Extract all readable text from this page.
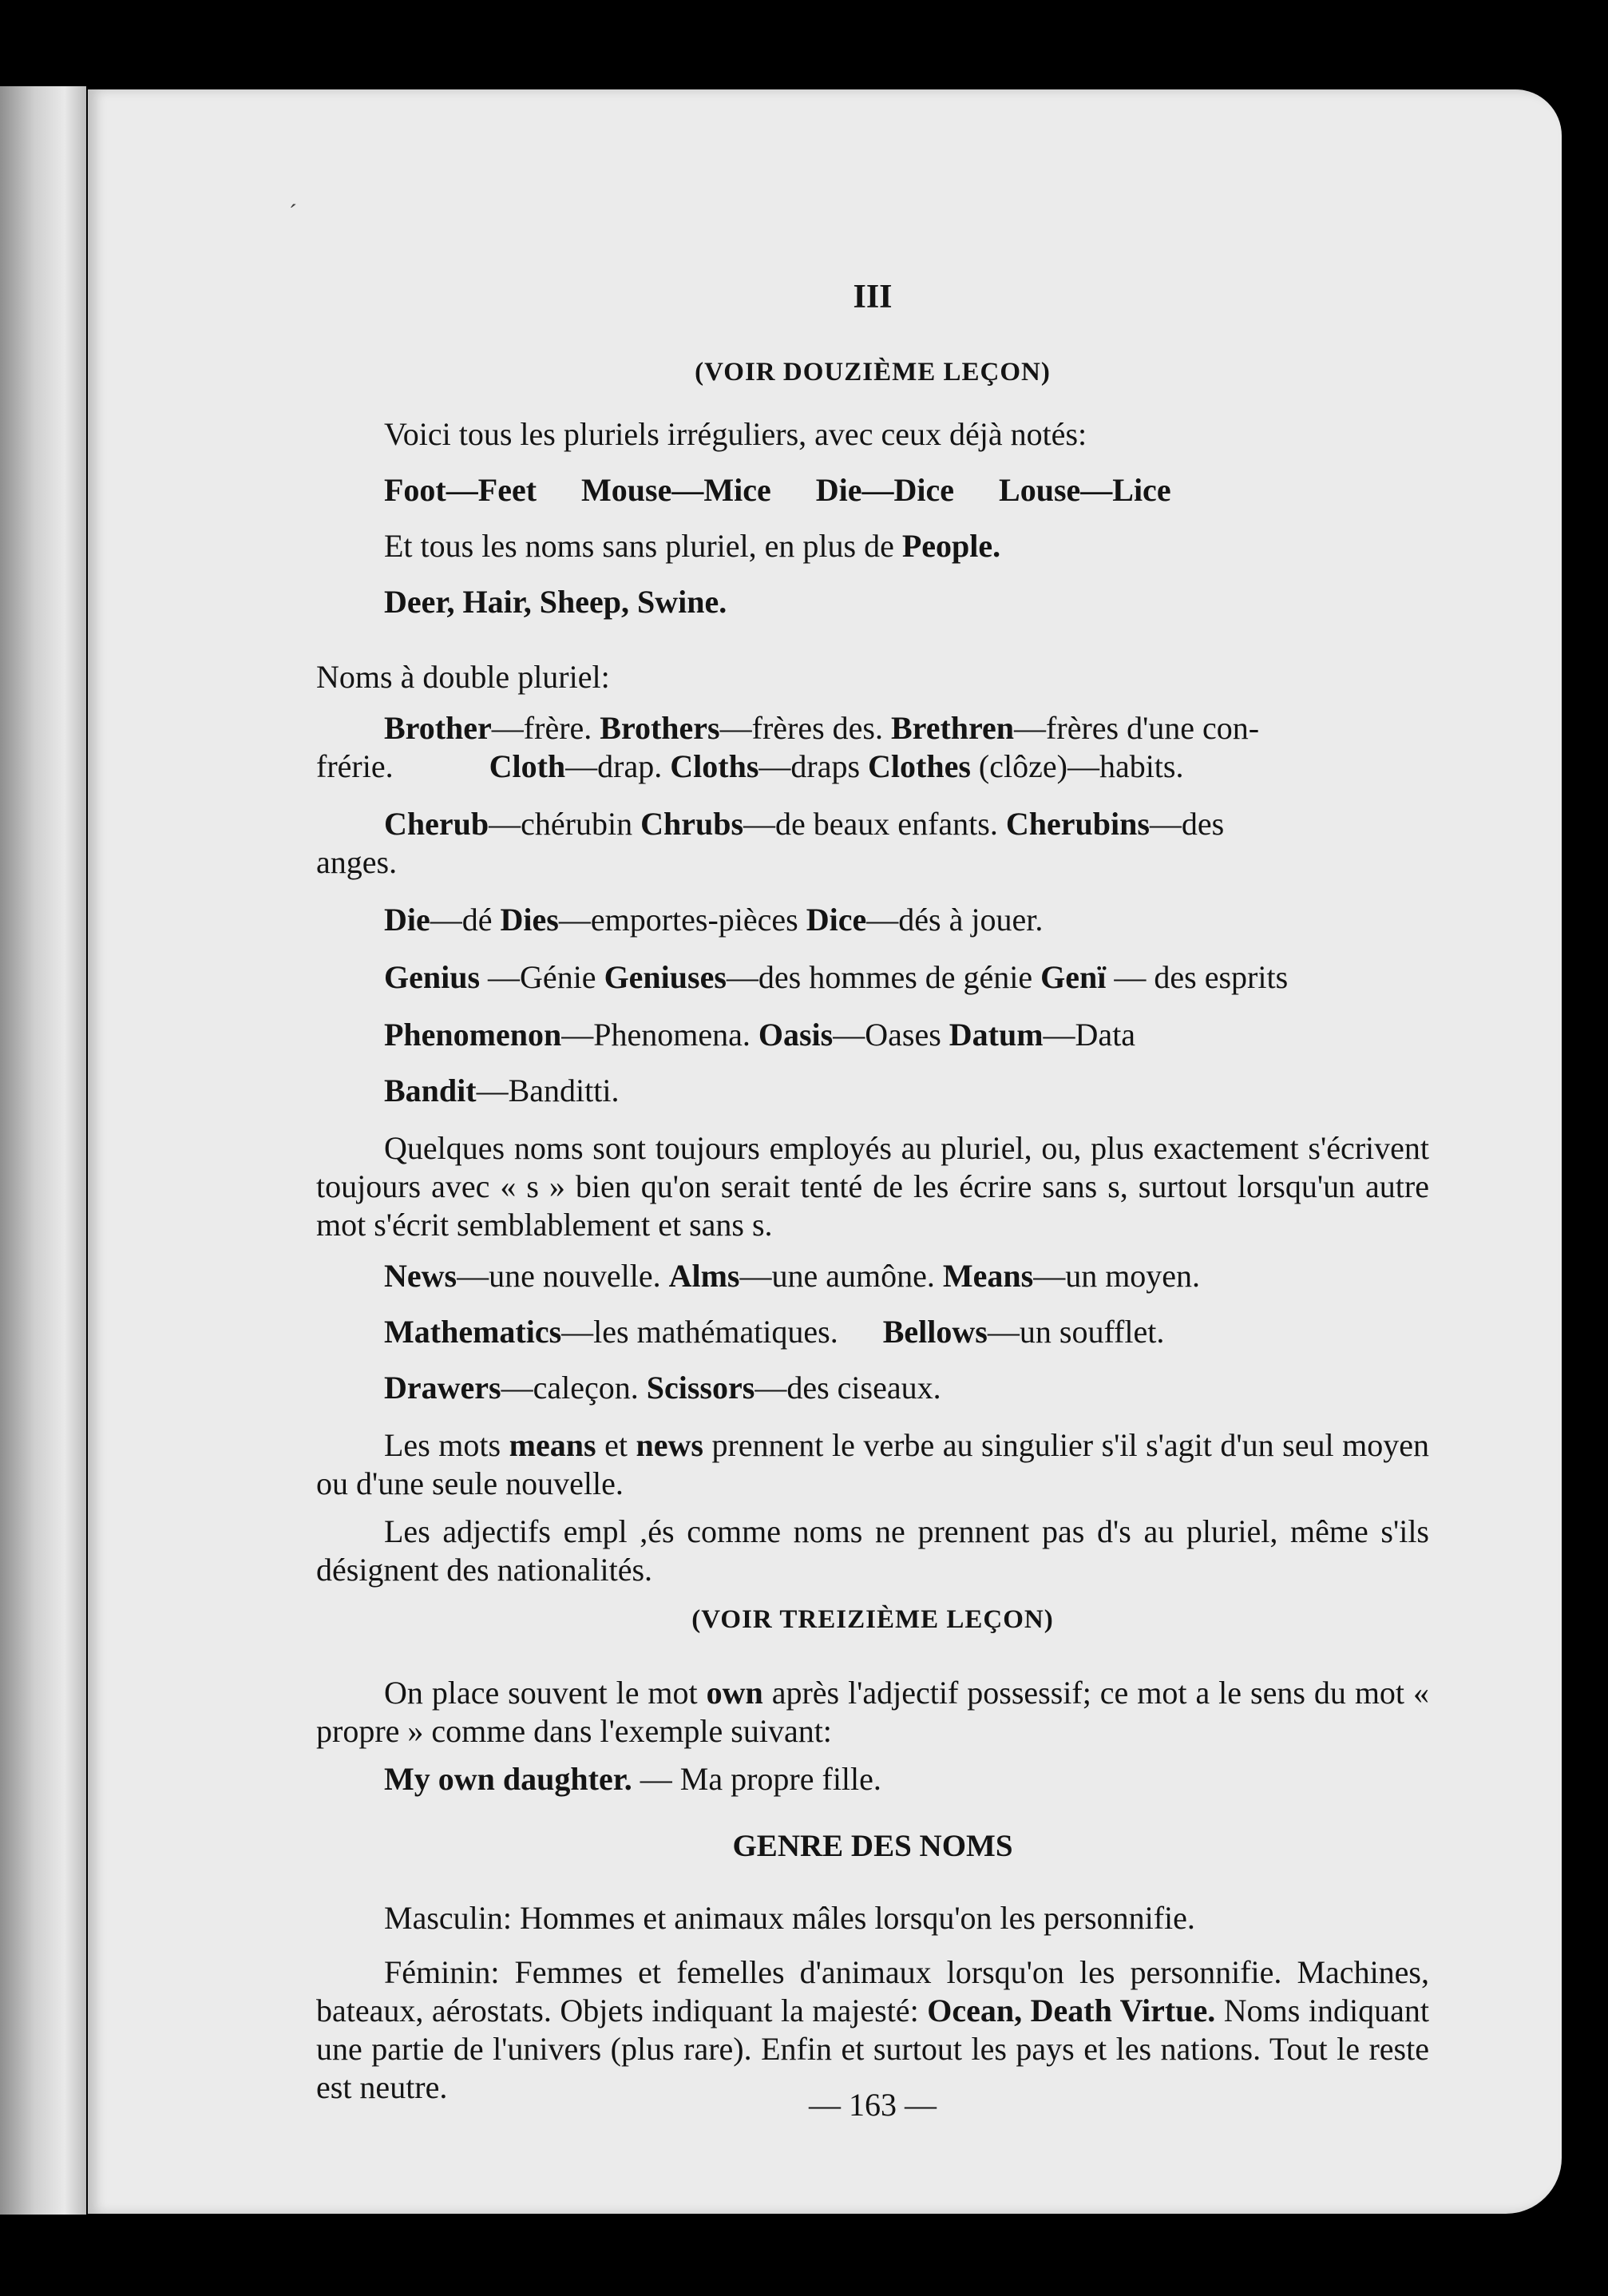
´

III

(VOIR DOUZIÈME LEÇON)

Voici tous les pluriels irréguliers, avec ceux déjà notés:

Foot—Feet Mouse—Mice Die—Dice Louse—Lice

Et tous les noms sans pluriel, en plus de People.

Deer, Hair, Sheep, Swine.

Noms à double pluriel:

Brother—frère. Brothers—frères des. Brethren—frères d'une con-

frérie.	Cloth—drap. Cloths—draps Clothes (clôze)—habits.

Cherub—chérubin Chrubs—de beaux enfants. Cherubins—des

anges.

Die—dé Dies—emportes-pièces Dice—dés à jouer.

Genius —Génie Geniuses—des hommes de génie Genï — des esprits

Phenomenon—Phenomena. Oasis—Oases Datum—Data

Bandit—Banditti.

Quelques noms sont toujours employés au pluriel, ou, plus exactement s'écrivent toujours avec « s » bien qu'on serait tenté de les écrire sans s, surtout lorsqu'un autre mot s'écrit semblablement et sans s.

News—une nouvelle. Alms—une aumône. Means—un moyen.

Mathematics—les mathématiques. Bellows—un soufflet.

Drawers—caleçon. Scissors—des ciseaux.

Les mots means et news prennent le verbe au singulier s'il s'agit d'un seul moyen ou d'une seule nouvelle.

Les adjectifs empl ,és comme noms ne prennent pas d's au pluriel, même s'ils désignent des nationalités.

(VOIR TREIZIÈME LEÇON)

On place souvent le mot own après l'adjectif possessif; ce mot a le sens du mot « propre » comme dans l'exemple suivant:

My own daughter. — Ma propre fille.

GENRE DES NOMS

Masculin: Hommes et animaux mâles lorsqu'on les personnifie.

Féminin: Femmes et femelles d'animaux lorsqu'on les personnifie. Machines, bateaux, aérostats. Objets indiquant la majesté: Ocean, Death Virtue. Noms indiquant une partie de l'univers (plus rare). Enfin et surtout les pays et les nations. Tout le reste est neutre.	— 163 —
